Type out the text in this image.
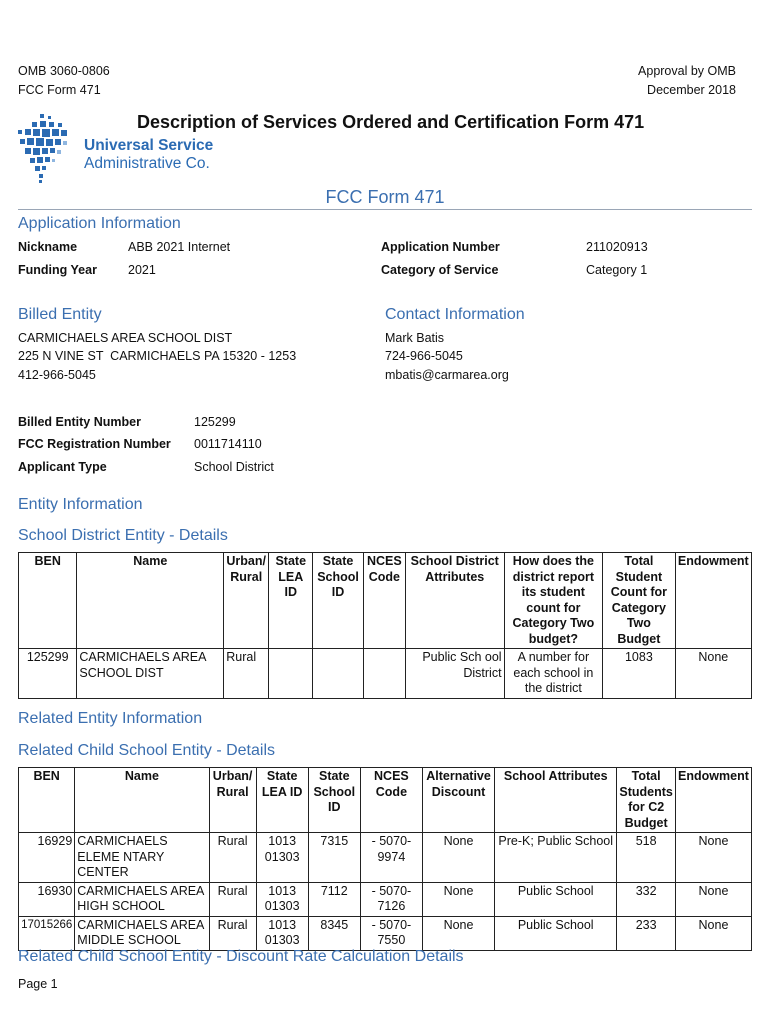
OMB 3060-0806
FCC Form 471
Approval by OMB
December 2018
Description of Services Ordered and Certification Form 471
Universal Service
Administrative Co.
FCC Form 471
Application Information
Nickname	ABB 2021 Internet
Funding Year 2021
Application Number	211020913
Category of Service	Category 1
Billed Entity
CARMICHAELS AREA SCHOOL DIST
225 N VINE ST  CARMICHAELS PA 15320 - 1253
412-966-5045
Contact Information
Mark Batis
724-966-5045
mbatis@carmarea.org
Billed Entity Number	125299
FCC Registration Number 0011714110
Applicant Type	School District
Entity Information
School District Entity - Details
BEN	Name	Urban/ Rural	State LEA ID	State School ID	NCES Code	School District Attributes	How does the district report its student count for Category Two budget?	Total Student Count for Category Two Budget	Endowment
125299	CARMICHAELS AREA SCHOOL DIST	Rural				Public Sch ool District	A number for each school in the district	1083	None
Related Entity Information
Related Child School Entity - Details
BEN	Name	Urban/ Rural	State LEA ID	State School ID	NCES Code	Alternative Discount	School Attributes	Total Students for C2 Budget	Endowment
16929	CARMICHAELS ELEME NTARY CENTER	Rural	1013 01303	7315	- 5070- 9974	None	Pre-K; Public School	518	None
16930	CARMICHAELS AREA HIGH SCHOOL	Rural	1013 01303	7112	- 5070- 7126	None	Public School	332	None
17015266	CARMICHAELS AREA MIDDLE SCHOOL	Rural	1013 01303	8345	- 5070- 7550	None	Public School	233	None
Related Child School Entity - Discount Rate Calculation Details
Page 1
